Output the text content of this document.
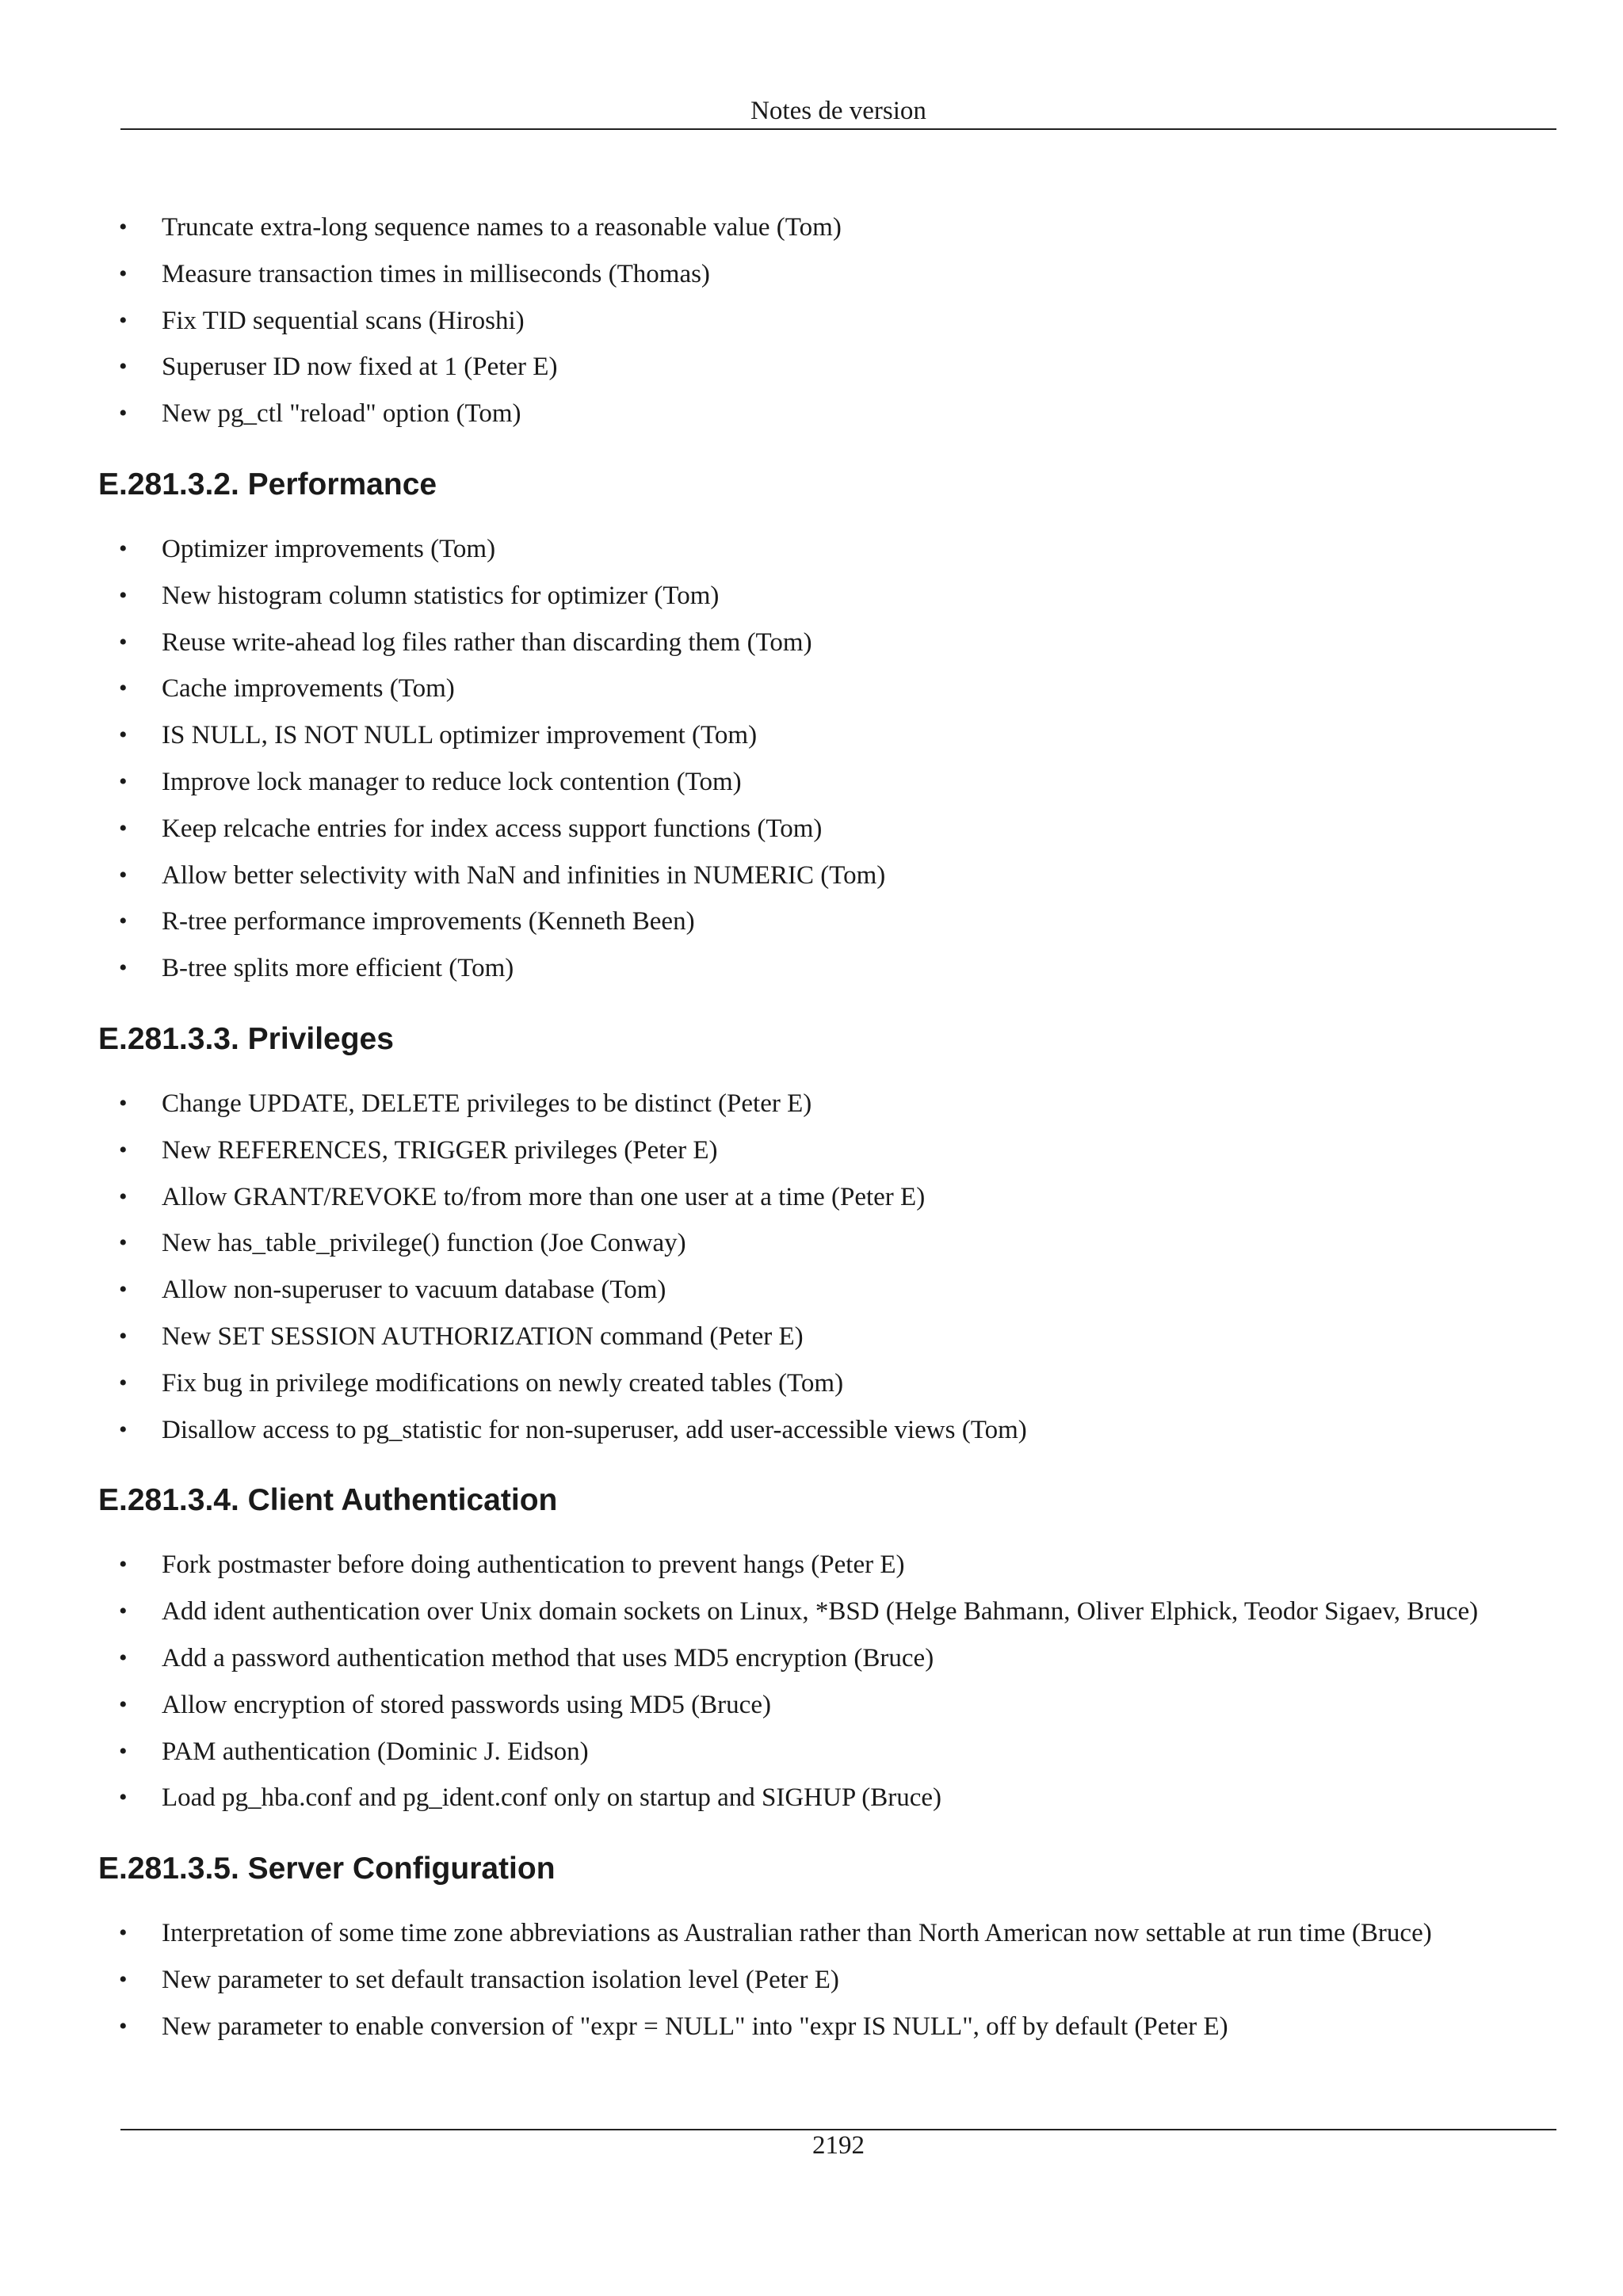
Notes de version
• Truncate extra-long sequence names to a reasonable value (Tom)
• Measure transaction times in milliseconds (Thomas)
• Fix TID sequential scans (Hiroshi)
• Superuser ID now fixed at 1 (Peter E)
• New pg_ctl "reload" option (Tom)
E.281.3.2. Performance
• Optimizer improvements (Tom)
• New histogram column statistics for optimizer (Tom)
• Reuse write-ahead log files rather than discarding them (Tom)
• Cache improvements (Tom)
• IS NULL, IS NOT NULL optimizer improvement (Tom)
• Improve lock manager to reduce lock contention (Tom)
• Keep relcache entries for index access support functions (Tom)
• Allow better selectivity with NaN and infinities in NUMERIC (Tom)
• R-tree performance improvements (Kenneth Been)
• B-tree splits more efficient (Tom)
E.281.3.3. Privileges
• Change UPDATE, DELETE privileges to be distinct (Peter E)
• New REFERENCES, TRIGGER privileges (Peter E)
• Allow GRANT/REVOKE to/from more than one user at a time (Peter E)
• New has_table_privilege() function (Joe Conway)
• Allow non-superuser to vacuum database (Tom)
• New SET SESSION AUTHORIZATION command (Peter E)
• Fix bug in privilege modifications on newly created tables (Tom)
• Disallow access to pg_statistic for non-superuser, add user-accessible views (Tom)
E.281.3.4. Client Authentication
• Fork postmaster before doing authentication to prevent hangs (Peter E)
• Add ident authentication over Unix domain sockets on Linux, *BSD (Helge Bahmann, Oliver Elphick, Teodor Sigaev, Bruce)
• Add a password authentication method that uses MD5 encryption (Bruce)
• Allow encryption of stored passwords using MD5 (Bruce)
• PAM authentication (Dominic J. Eidson)
• Load pg_hba.conf and pg_ident.conf only on startup and SIGHUP (Bruce)
E.281.3.5. Server Configuration
• Interpretation of some time zone abbreviations as Australian rather than North American now settable at run time (Bruce)
• New parameter to set default transaction isolation level (Peter E)
• New parameter to enable conversion of "expr = NULL" into "expr IS NULL", off by default (Peter E)
2192
